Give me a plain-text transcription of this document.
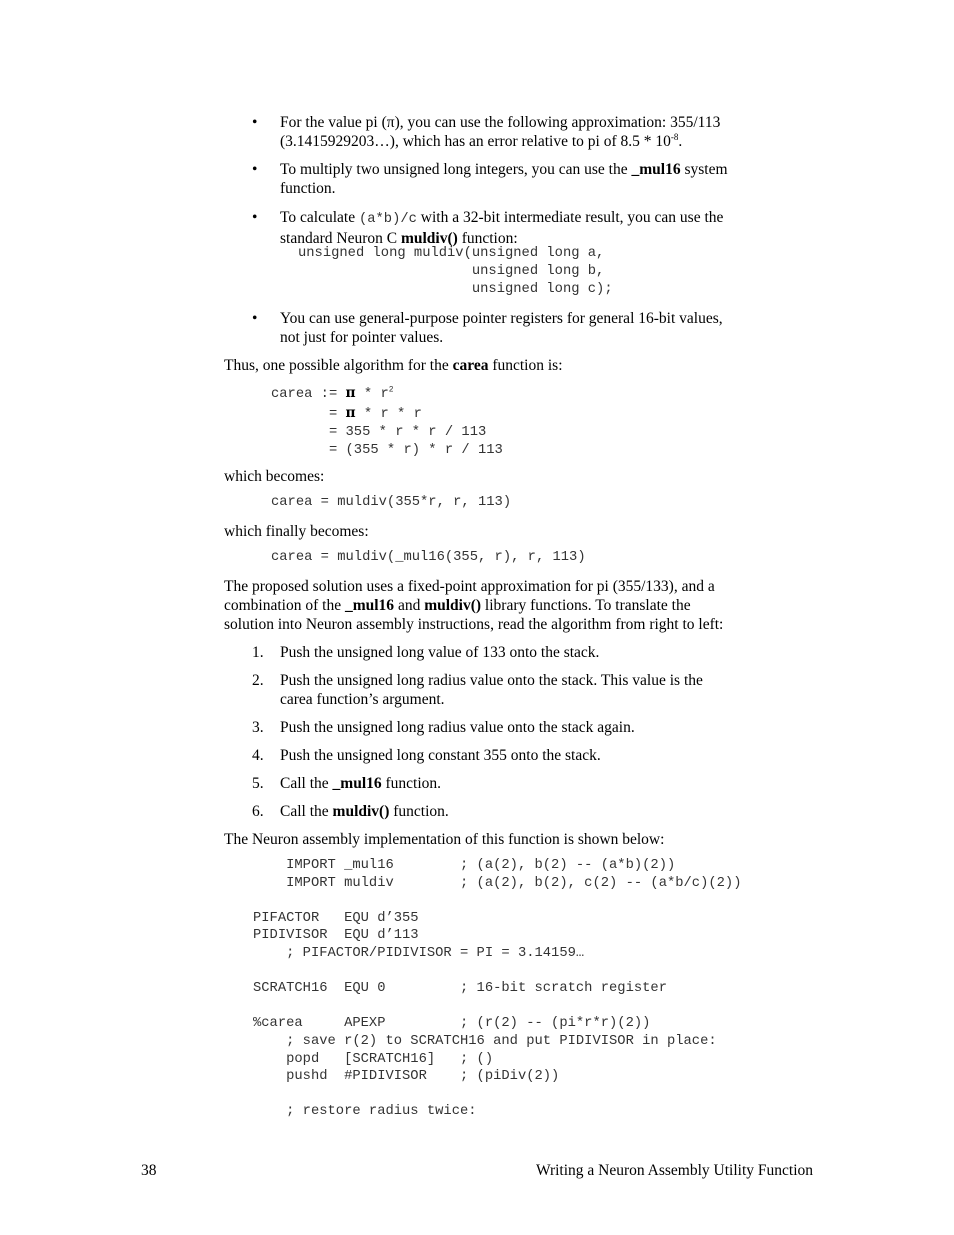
• For the value pi (π), you can use the following approximation: 355/113
(3.1415929203…), which has an error relative to pi of $8.5 * 10^{-8}$.
• To multiply two unsigned long integers, you can use the _mul16 system
function.
• To calculate (a*b)/c with a 32-bit intermediate result, you can use the
standard Neuron C muldiv() function:
unsigned long muldiv(unsigned long a,
unsigned long b,
unsigned long c);
• You can use general-purpose pointer registers for general 16-bit values,
not just for pointer values.
Thus, one possible algorithm for the carea function is:
carea := π * $r^2$
= π * r * r
= 355 * r * r / 113
= (355 * r) * r / 113
which becomes:
carea = muldiv(355*r, r, 113)
which finally becomes:
carea = muldiv(_mul16(355, r), r, 113)
The proposed solution uses a fixed-point approximation for pi (355/133), and a
combination of the _mul16 and muldiv() library functions. To translate the
solution into Neuron assembly instructions, read the algorithm from right to left:
1. Push the unsigned long value of 133 onto the stack.
2. Push the unsigned long radius value onto the stack. This value is the
carea function’s argument.
3. Push the unsigned long radius value onto the stack again.
4. Push the unsigned long constant 355 onto the stack.
5. Call the _mul16 function.
6. Call the muldiv() function.
The Neuron assembly implementation of this function is shown below:
IMPORT _mul16        ; (a(2), b(2) -- (a*b)(2))
IMPORT muldiv        ; (a(2), b(2), c(2) -- (a*b/c)(2))

PIFACTOR   EQU d’355
PIDIVISOR  EQU d’113
; PIFACTOR/PIDIVISOR = PI = 3.14159…

SCRATCH16  EQU 0         ; 16-bit scratch register

%carea     APEXP         ; (r(2) -- (pi*r*r)(2))
; save r(2) to SCRATCH16 and put PIDIVISOR in place:
popd   [SCRATCH16]   ; ()
pushd  #PIDIVISOR    ; (piDiv(2))

; restore radius twice:
38	Writing a Neuron Assembly Utility Function
